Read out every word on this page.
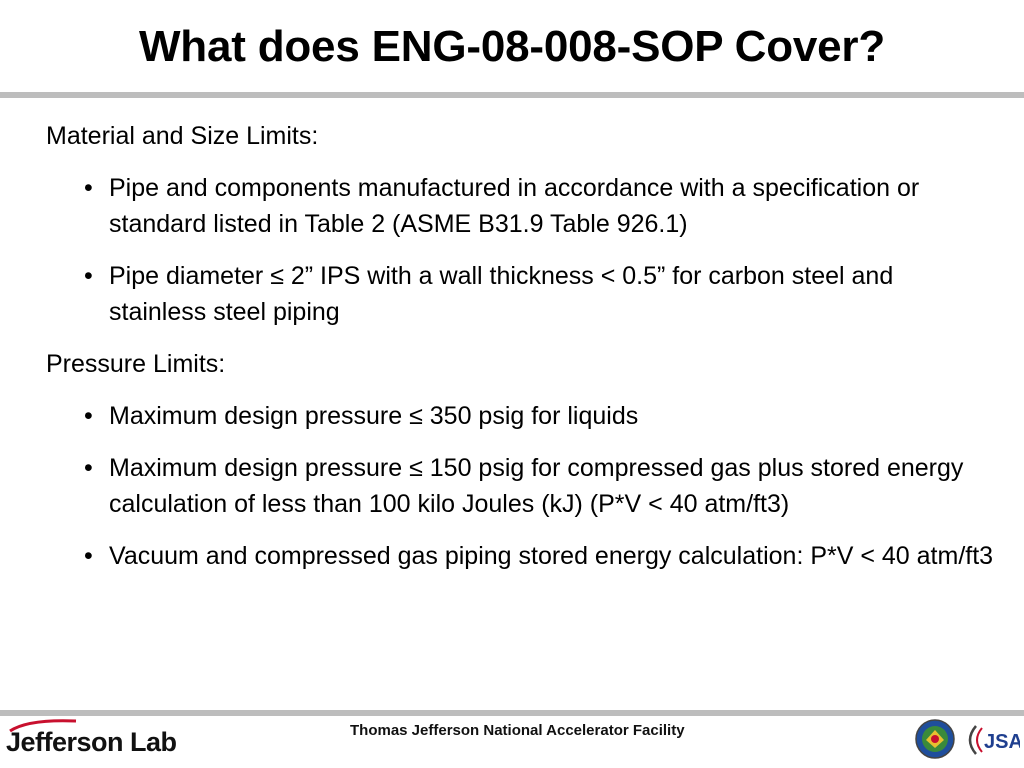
What does ENG-08-008-SOP Cover?
Material and Size Limits:
• Pipe and components manufactured in accordance with a specification or standard listed in Table 2 (ASME B31.9 Table 926.1)
• Pipe diameter ≤ 2” IPS with a wall thickness < 0.5” for carbon steel and stainless steel piping
Pressure Limits:
• Maximum design pressure ≤ 350 psig for liquids
• Maximum design pressure ≤ 150 psig for compressed gas plus stored energy calculation of less than 100 kilo Joules (kJ) (P*V < 40 atm/ft3)
• Vacuum and compressed gas piping stored energy calculation: P*V < 40 atm/ft3
Jefferson Lab	Thomas Jefferson National Accelerator Facility
JSA
